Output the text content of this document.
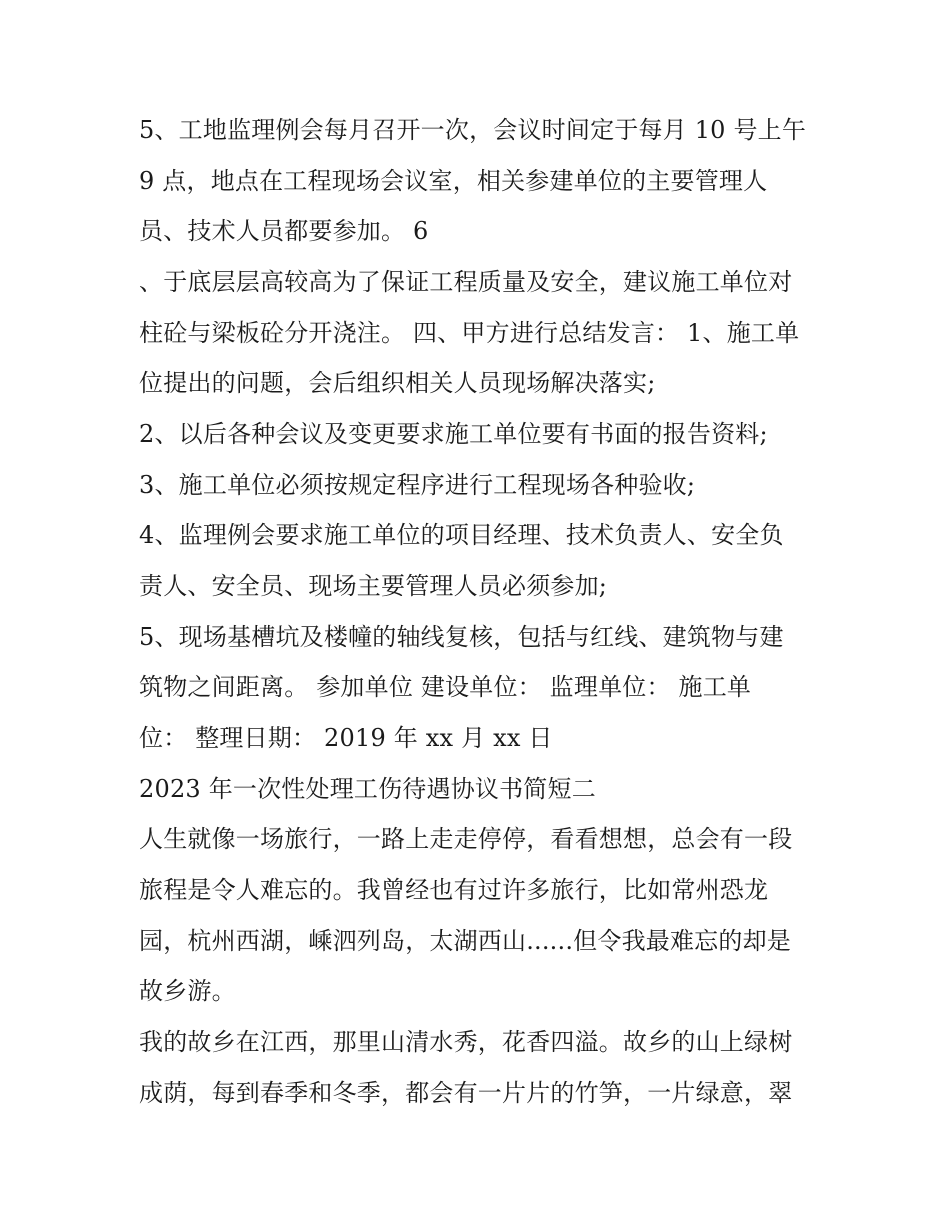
5、工地监理例会每月召开一次，会议时间定于每月 10 号上午
9 点，地点在工程现场会议室，相关参建单位的主要管理人
员、技术人员都要参加。 6
、于底层层高较高为了保证工程质量及安全，建议施工单位对
柱砼与梁板砼分开浇注。 四、甲方进行总结发言： 1、施工单
位提出的问题，会后组织相关人员现场解决落实;
2、以后各种会议及变更要求施工单位要有书面的报告资料;
3、施工单位必须按规定程序进行工程现场各种验收;
4、监理例会要求施工单位的项目经理、技术负责人、安全负
责人、安全员、现场主要管理人员必须参加;
5、现场基槽坑及楼幢的轴线复核，包括与红线、建筑物与建
筑物之间距离。 参加单位 建设单位： 监理单位： 施工单
位： 整理日期： 2019 年 xx 月 xx 日
2023 年一次性处理工伤待遇协议书简短二
人生就像一场旅行，一路上走走停停，看看想想，总会有一段
旅程是令人难忘的。我曾经也有过许多旅行，比如常州恐龙
园，杭州西湖，嵊泗列岛，太湖西山......但令我最难忘的却是
故乡游。
我的故乡在江西，那里山清水秀，花香四溢。故乡的山上绿树
成荫，每到春季和冬季，都会有一片片的竹笋，一片绿意，翠
